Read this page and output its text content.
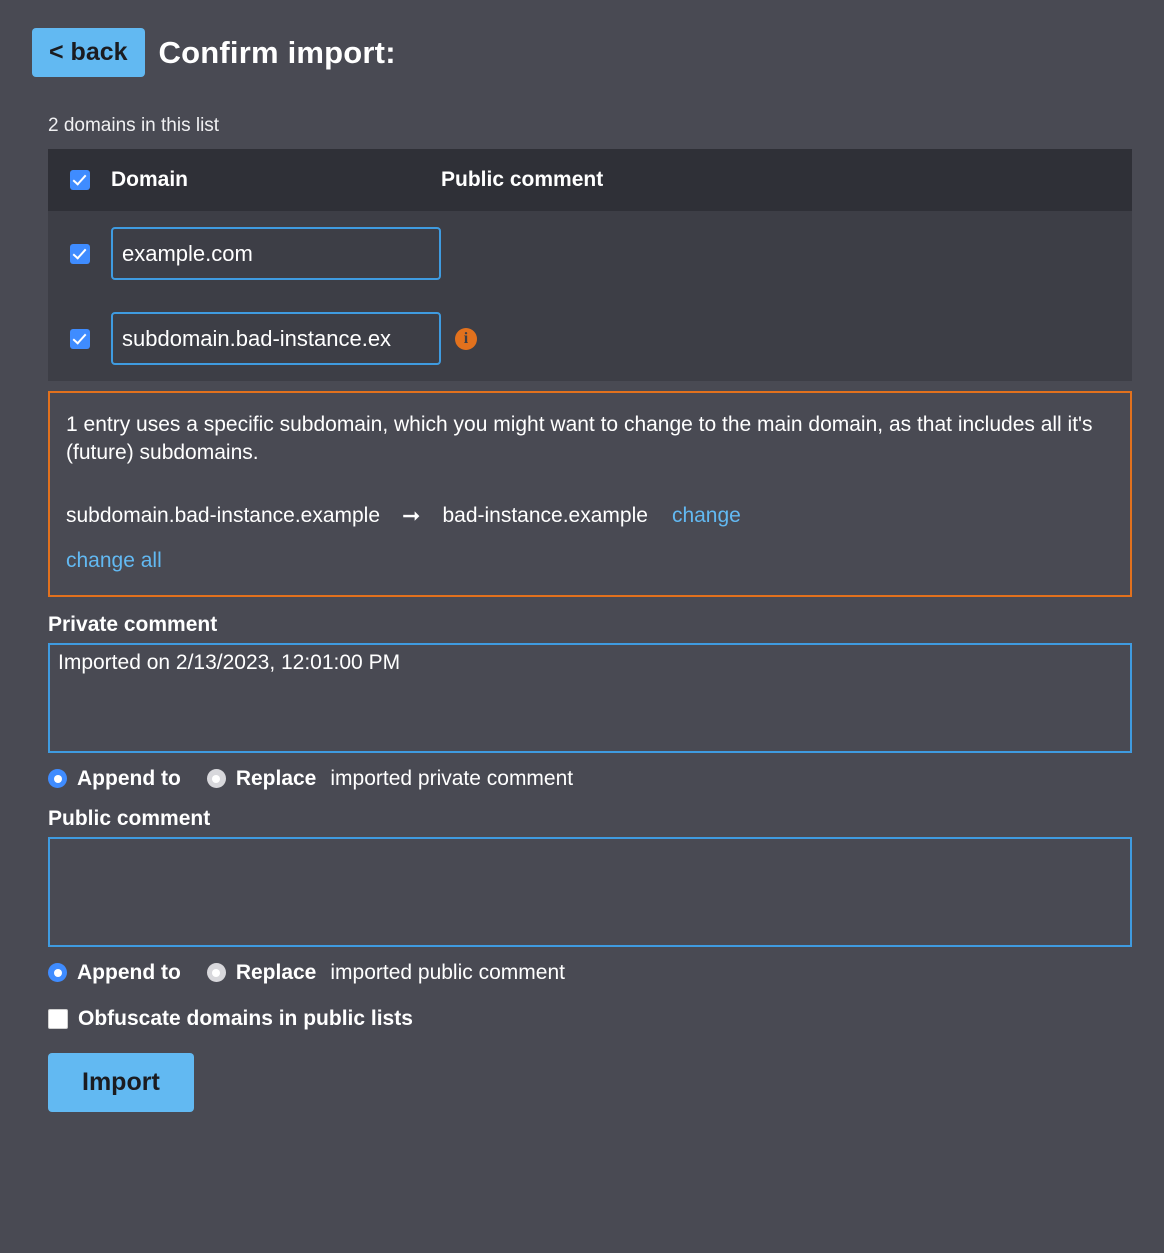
< back	Confirm import:
2 domains in this list
Domain	Public comment
example.com
subdomain.bad-instance.ex
i
1 entry uses a specific subdomain, which you might want to change to the main domain, as that includes all it's (future) subdomains.
subdomain.bad-instance.example ➞ bad-instance.example change
change all
Private comment
Imported on 2/13/2023, 12:01:00 PM
Append to	Replace imported private comment
Public comment
Append to	Replace imported public comment
Obfuscate domains in public lists
Import
